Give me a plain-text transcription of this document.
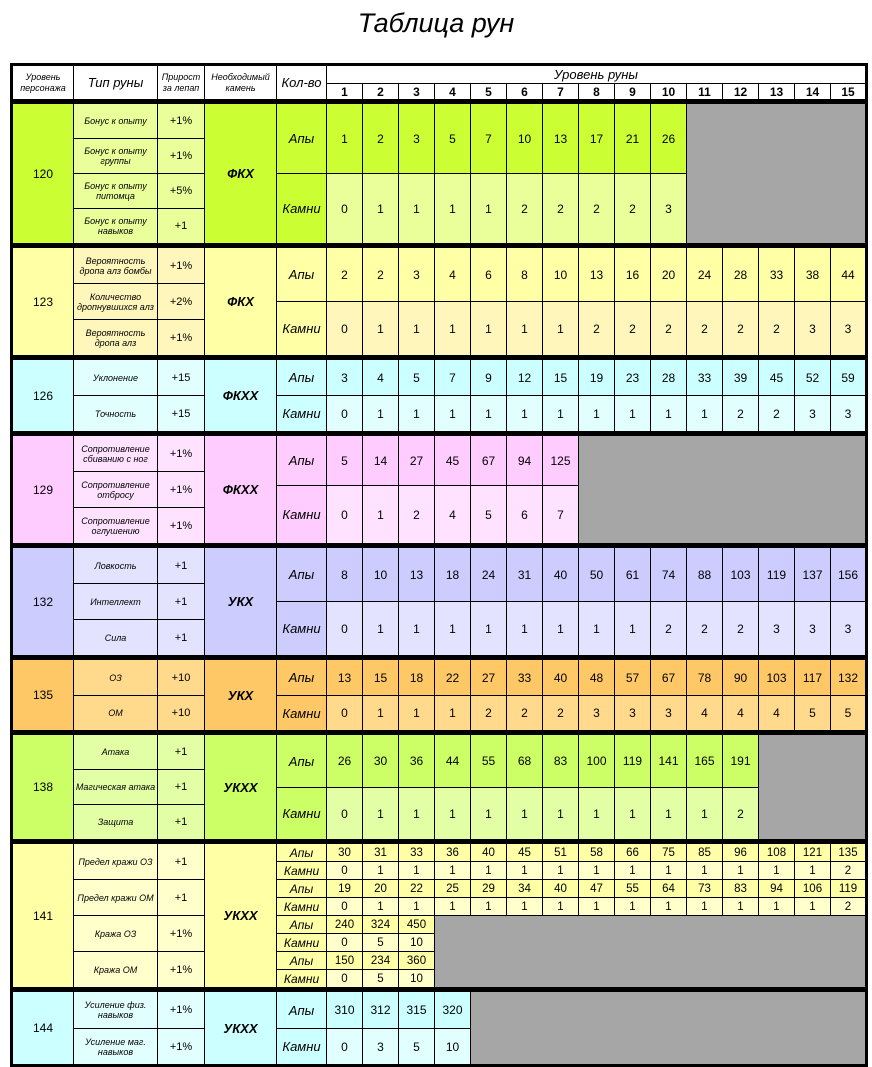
Таблица рун
Уровень персонажа	Тип руны	Прирост за лепап	Необходимый камень	Кол-во	Уровень руны														
					1	2	3	4	5	6	7	8	9	10	11	12	13	14	15

120	Бонус к опыту	+1%	ФКХ	Апы	1	2	3	5	7	10	13	17	21	26					
	Бонус к опыту группы	+1%																	
	Бонус к опыту питомца	+5%		Камни	0	1	1	1	1	2	2	2	2	3					
	Бонус к опыту навыков	+1																	

123	Вероятность дропа алз бомбы	+1%	ФКХ	Апы	2	2	3	4	6	8	10	13	16	20	24	28	33	38	44
	Количество дропнувшихся алз	+2%																	
				Камни	0	1	1	1	1	1	1	2	2	2	2	2	2	3	3
	Вероятность дропа алз	+1%																	

126	Уклонение	+15	ФКХХ	Апы	3	4	5	7	9	12	15	19	23	28	33	39	45	52	59
	Точность	+15		Камни	0	1	1	1	1	1	1	1	1	1	1	2	2	3	3

129	Сопротивление сбиванию с ног	+1%	ФКХХ	Апы	5	14	27	45	67	94	125								
	Сопротивление отбросу	+1%																	
				Камни	0	1	2	4	5	6	7								
	Сопротивление оглушению	+1%																	

132	Ловкость	+1	УКХ	Апы	8	10	13	18	24	31	40	50	61	74	88	103	119	137	156
	Интеллект	+1																	
				Камни	0	1	1	1	1	1	1	1	1	2	2	2	3	3	3
	Сила	+1																	

135	ОЗ	+10	УКХ	Апы	13	15	18	22	27	33	40	48	57	67	78	90	103	117	132
	ОМ	+10		Камни	0	1	1	1	2	2	2	3	3	3	4	4	4	5	5

138	Атака	+1	УКХХ	Апы	26	30	36	44	55	68	83	100	119	141	165	191			
	Магическая атака	+1																	
				Камни	0	1	1	1	1	1	1	1	1	1	1	2			
	Защита	+1																	

141	Предел кражи ОЗ	+1	УКХХ	Апы	30	31	33	36	40	45	51	58	66	75	85	96	108	121	135
				Камни	0	1	1	1	1	1	1	1	1	1	1	1	1	1	2
	Предел кражи ОМ	+1		Апы	19	20	22	25	29	34	40	47	55	64	73	83	94	106	119
				Камни	0	1	1	1	1	1	1	1	1	1	1	1	1	1	2
	Кража ОЗ	+1%		Апы	240	324	450												
				Камни	0	5	10												
	Кража ОМ	+1%		Апы	150	234	360												
				Камни	0	5	10												

144	Усиление физ. навыков	+1%	УКХХ	Апы	310	312	315	320											
	Усиление маг. навыков	+1%		Камни	0	3	5	10											
